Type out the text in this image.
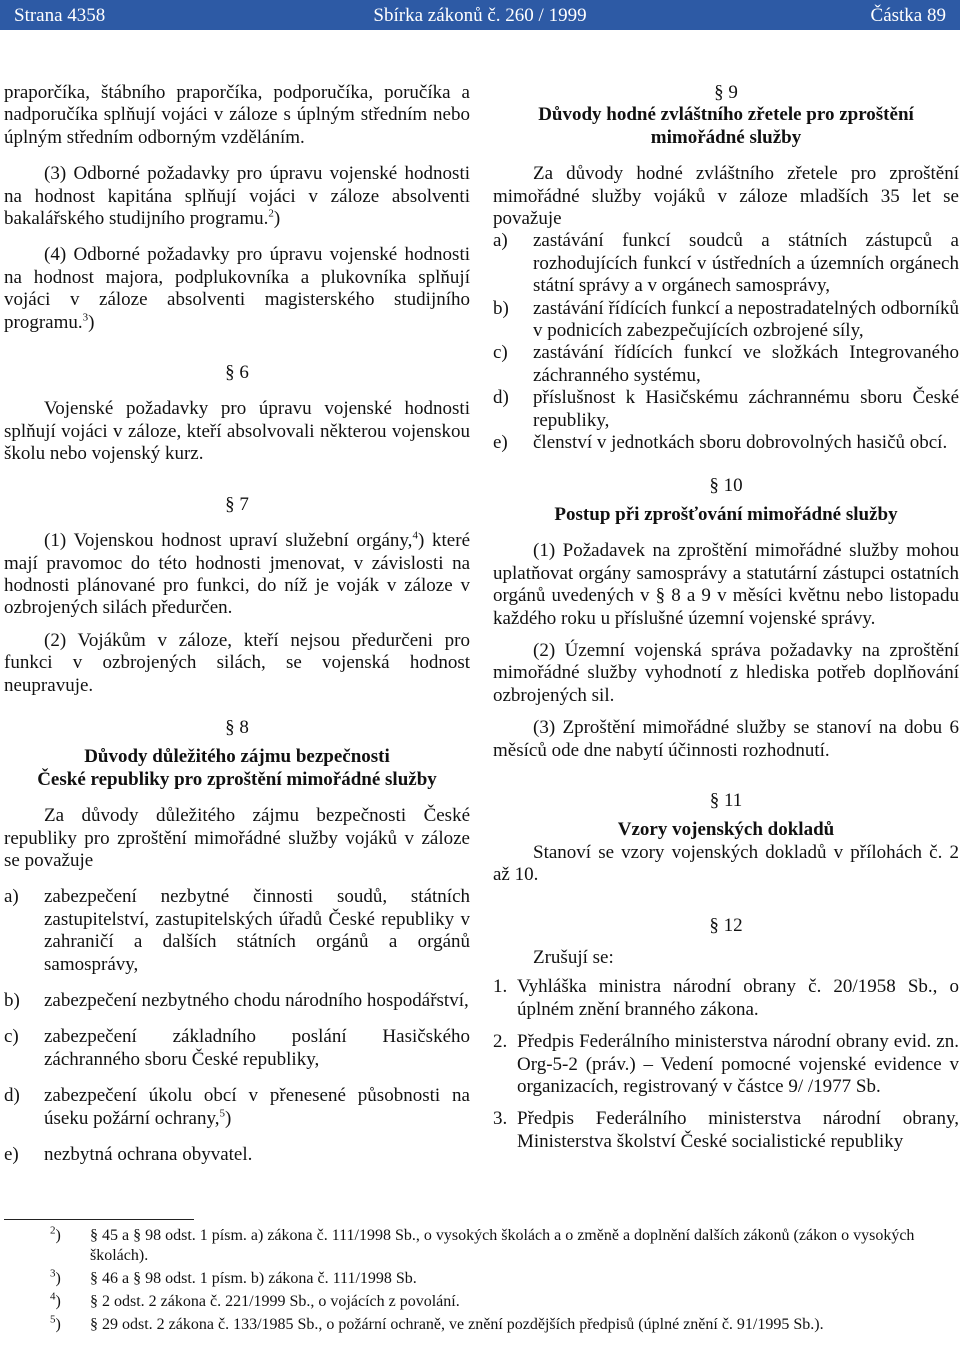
Strana 4358	Sbírka zákonů č. 260 / 1999	Částka 89

praporčíka, štábního praporčíka, podporučíka, poručíka a nadporučíka splňují vojáci v záloze s úplným středním nebo úplným středním odborným vzděláním.

(3) Odborné požadavky pro úpravu vojenské hodnosti na hodnost kapitána splňují vojáci v záloze absolventi bakalářského studijního programu.$^2$)

(4) Odborné požadavky pro úpravu vojenské hodnosti na hodnost majora, podplukovníka a plukovníka splňují vojáci v záloze absolventi magisterského studijního programu.$^3$)

§ 6

Vojenské požadavky pro úpravu vojenské hodnosti splňují vojáci v záloze, kteří absolvovali některou vojenskou školu nebo vojenský kurz.

§ 7

(1) Vojenskou hodnost upraví služební orgány,$^4$) které mají pravomoc do této hodnosti jmenovat, v závislosti na hodnosti plánované pro funkci, do níž je voják v záloze v ozbrojených silách předurčen.

(2) Vojákům v záloze, kteří nejsou předurčeni pro funkci v ozbrojených silách, se vojenská hodnost neupravuje.

§ 8

Důvody důležitého zájmu bezpečnosti

České republiky pro zproštění mimořádné služby

Za důvody důležitého zájmu bezpečnosti České republiky pro zproštění mimořádné služby vojáků v záloze se považuje

a)	zabezpečení nezbytné činnosti soudů, státních zastupitelství, zastupitelských úřadů České republiky v zahraničí a dalších státních orgánů a orgánů samosprávy,
b)	zabezpečení nezbytného chodu národního hospodářství,
c)	zabezpečení základního poslání Hasičského záchranného sboru České republiky,
d)	zabezpečení úkolu obcí v přenesené působnosti na úseku požární ochrany,$^5$)
e)	nezbytná ochrana obyvatel.

§ 9

Důvody hodné zvláštního zřetele pro zproštění

mimořádné služby

Za důvody hodné zvláštního zřetele pro zproštění mimořádné služby vojáků v záloze mladších 35 let se považuje

a)	zastávání funkcí soudců a státních zástupců a rozhodujících funkcí v ústředních a územních orgánech státní správy a v orgánech samosprávy,
b)	zastávání řídících funkcí a nepostradatelných odborníků v podnicích zabezpečujících ozbrojené síly,
c)	zastávání řídících funkcí ve složkách Integrovaného záchranného systému,
d)	příslušnost k Hasičskému záchrannému sboru České republiky,
e)	členství v jednotkách sboru dobrovolných hasičů obcí.

§ 10

Postup při zprošťování mimořádné služby

(1) Požadavek na zproštění mimořádné služby mohou uplatňovat orgány samosprávy a statutární zástupci ostatních orgánů uvedených v § 8 a 9 v měsíci květnu nebo listopadu každého roku u příslušné územní vojenské správy.

(2) Územní vojenská správa požadavky na zproštění mimořádné služby vyhodnotí z hlediska potřeb doplňování ozbrojených sil.

(3) Zproštění mimořádné služby se stanoví na dobu 6 měsíců ode dne nabytí účinnosti rozhodnutí.

§ 11

Vzory vojenských dokladů

Stanoví se vzory vojenských dokladů v přílohách č. 2 až 10.

§ 12

Zrušují se:

1. Vyhláška ministra národní obrany č. 20/1958 Sb., o úplném znění branného zákona.
2. Předpis Federálního ministerstva národní obrany evid. zn. Org-5-2 (práv.) – Vedení pomocné vojenské evidence v organizacích, registrovaný v částce 9/ /1977 Sb.
3. Předpis Federálního ministerstva národní obrany, Ministerstva školství České socialistické republiky
$^2$)	§ 45 a § 98 odst. 1 písm. a) zákona č. 111/1998 Sb., o vysokých školách a o změně a doplnění dalších zákonů (zákon o vysokých školách).
$^3$)	§ 46 a § 98 odst. 1 písm. b) zákona č. 111/1998 Sb.
$^4$)	§ 2 odst. 2 zákona č. 221/1999 Sb., o vojácích z povolání.
$^5$)	§ 29 odst. 2 zákona č. 133/1985 Sb., o požární ochraně, ve znění pozdějších předpisů (úplné znění č. 91/1995 Sb.).
